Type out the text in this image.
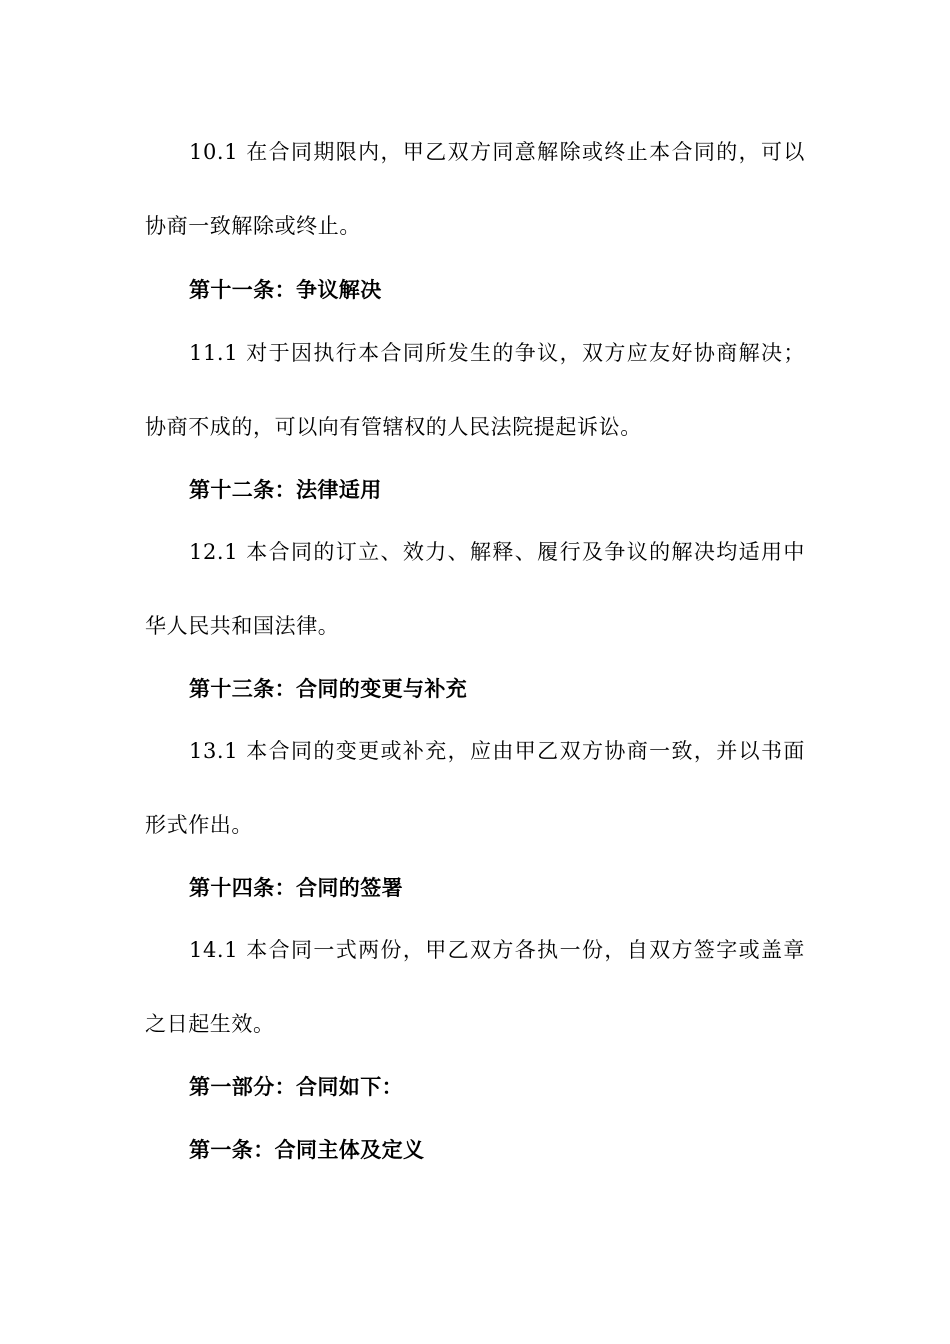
10.1 在合同期限内，甲乙双方同意解除或终止本合同的，可以
协商一致解除或终止。
第十一条：争议解决
11.1 对于因执行本合同所发生的争议，双方应友好协商解决；
协商不成的，可以向有管辖权的人民法院提起诉讼。
第十二条：法律适用
12.1 本合同的订立、效力、解释、履行及争议的解决均适用中
华人民共和国法律。
第十三条：合同的变更与补充
13.1 本合同的变更或补充，应由甲乙双方协商一致，并以书面
形式作出。
第十四条：合同的签署
14.1 本合同一式两份，甲乙双方各执一份，自双方签字或盖章
之日起生效。
第一部分：合同如下：
第一条：合同主体及定义
